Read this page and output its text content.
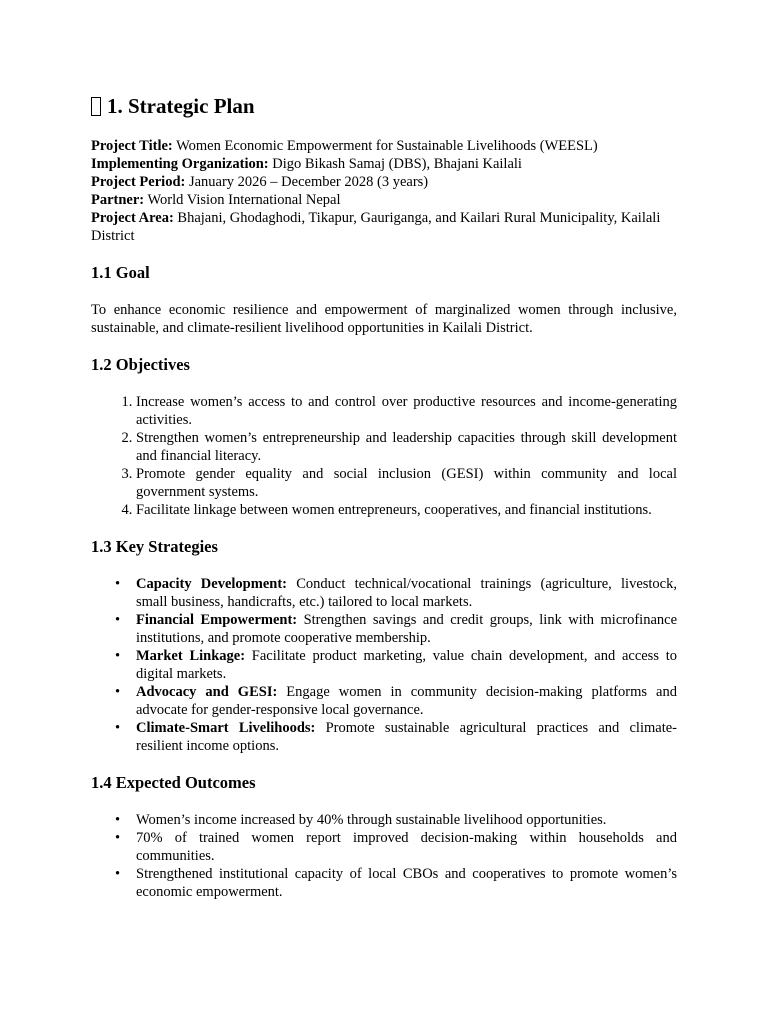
1. Strategic Plan

Project Title: Women Economic Empowerment for Sustainable Livelihoods (WEESL)

Implementing Organization: Digo Bikash Samaj (DBS), Bhajani Kailali

Project Period: January 2026 – December 2028 (3 years)

Partner: World Vision International Nepal

Project Area: Bhajani, Ghodaghodi, Tikapur, Gauriganga, and Kailari Rural Municipality, Kailali District

1.1 Goal

To enhance economic resilience and empowerment of marginalized women through inclusive, sustainable, and climate-resilient livelihood opportunities in Kailali District.

1.2 Objectives
1. Increase women’s access to and control over productive resources and income-generating activities.
2. Strengthen women’s entrepreneurship and leadership capacities through skill development and financial literacy.
3. Promote gender equality and social inclusion (GESI) within community and local government systems.
4. Facilitate linkage between women entrepreneurs, cooperatives, and financial institutions.
1.3 Key Strategies
• Capacity Development: Conduct technical/vocational trainings (agriculture, livestock, small business, handicrafts, etc.) tailored to local markets.
• Financial Empowerment: Strengthen savings and credit groups, link with microfinance institutions, and promote cooperative membership.
• Market Linkage: Facilitate product marketing, value chain development, and access to digital markets.
• Advocacy and GESI: Engage women in community decision-making platforms and advocate for gender-responsive local governance.
• Climate-Smart Livelihoods: Promote sustainable agricultural practices and climate-resilient income options.
1.4 Expected Outcomes
• Women’s income increased by 40% through sustainable livelihood opportunities.
• 70% of trained women report improved decision-making within households and communities.
• Strengthened institutional capacity of local CBOs and cooperatives to promote women’s economic empowerment.
